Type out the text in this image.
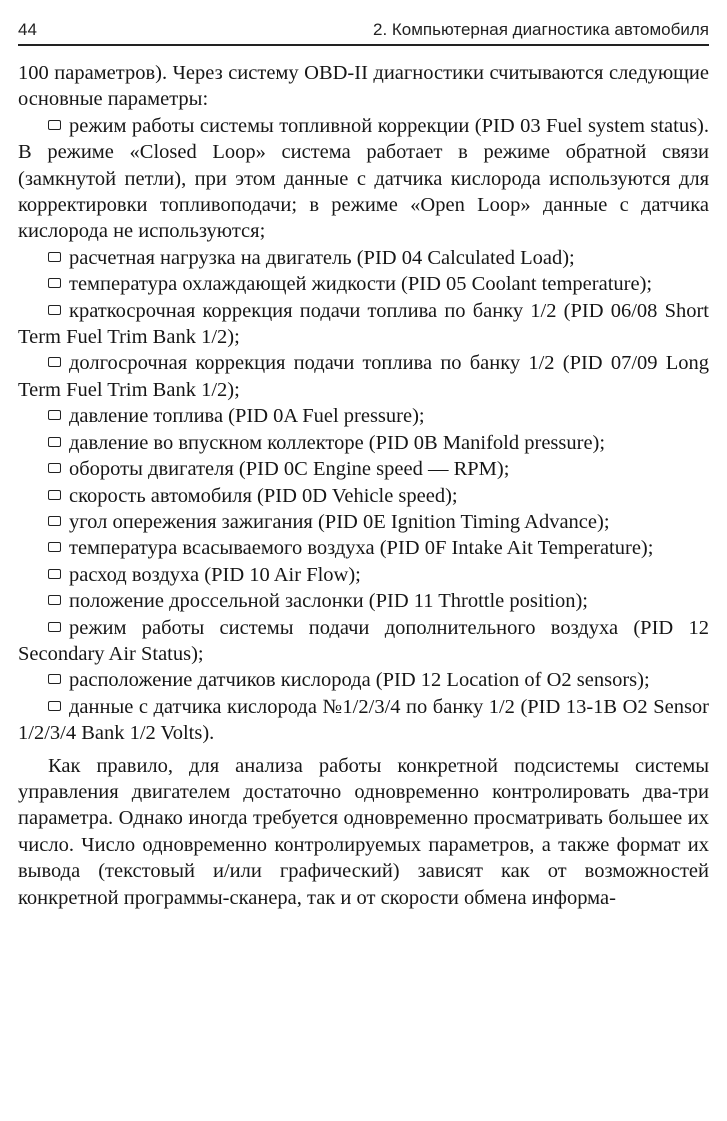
44	2. Компьютерная диагностика автомобиля

100 параметров). Через систему OBD-II диагностики считываются следующие основные параметры:

режим работы системы топливной коррекции (PID 03 Fuel system status). В режиме «Closed Loop» система работает в режиме обратной связи (замкнутой петли), при этом данные с датчика кислорода используются для корректировки топливоподачи; в режиме «Open Loop» данные с датчика кислорода не используются;

расчетная нагрузка на двигатель (PID 04 Calculated Load);

температура охлаждающей жидкости (PID 05 Coolant temperature);

краткосрочная коррекция подачи топлива по банку 1/2 (PID 06/08 Short Term Fuel Trim Bank 1/2);

долгосрочная коррекция подачи топлива по банку 1/2 (PID 07/09 Long Term Fuel Trim Bank 1/2);

давление топлива (PID 0A Fuel pressure);

давление во впускном коллекторе (PID 0B Manifold pressure);

обороты двигателя (PID 0C Engine speed — RPM);

скорость автомобиля (PID 0D Vehicle speed);

угол опережения зажигания (PID 0E Ignition Timing Advance);

температура всасываемого воздуха (PID 0F Intake Ait Temperature);

расход воздуха (PID 10 Air Flow);

положение дроссельной заслонки (PID 11 Throttle position);

режим работы системы подачи дополнительного воздуха (PID 12 Secondary Air Status);

расположение датчиков кислорода (PID 12 Location of O2 sensors);

данные с датчика кислорода №1/2/3/4 по банку 1/2 (PID 13-1B O2 Sensor 1/2/3/4 Bank 1/2 Volts).

Как правило, для анализа работы конкретной подсистемы системы управления двигателем достаточно одновременно контролировать два-три параметра. Однако иногда требуется одновременно просматривать большее их число. Число одновременно контролируемых параметров, а также формат их вывода (текстовый и/или графический) зависят как от возможностей конкретной программы-сканера, так и от скорости обмена информа-
